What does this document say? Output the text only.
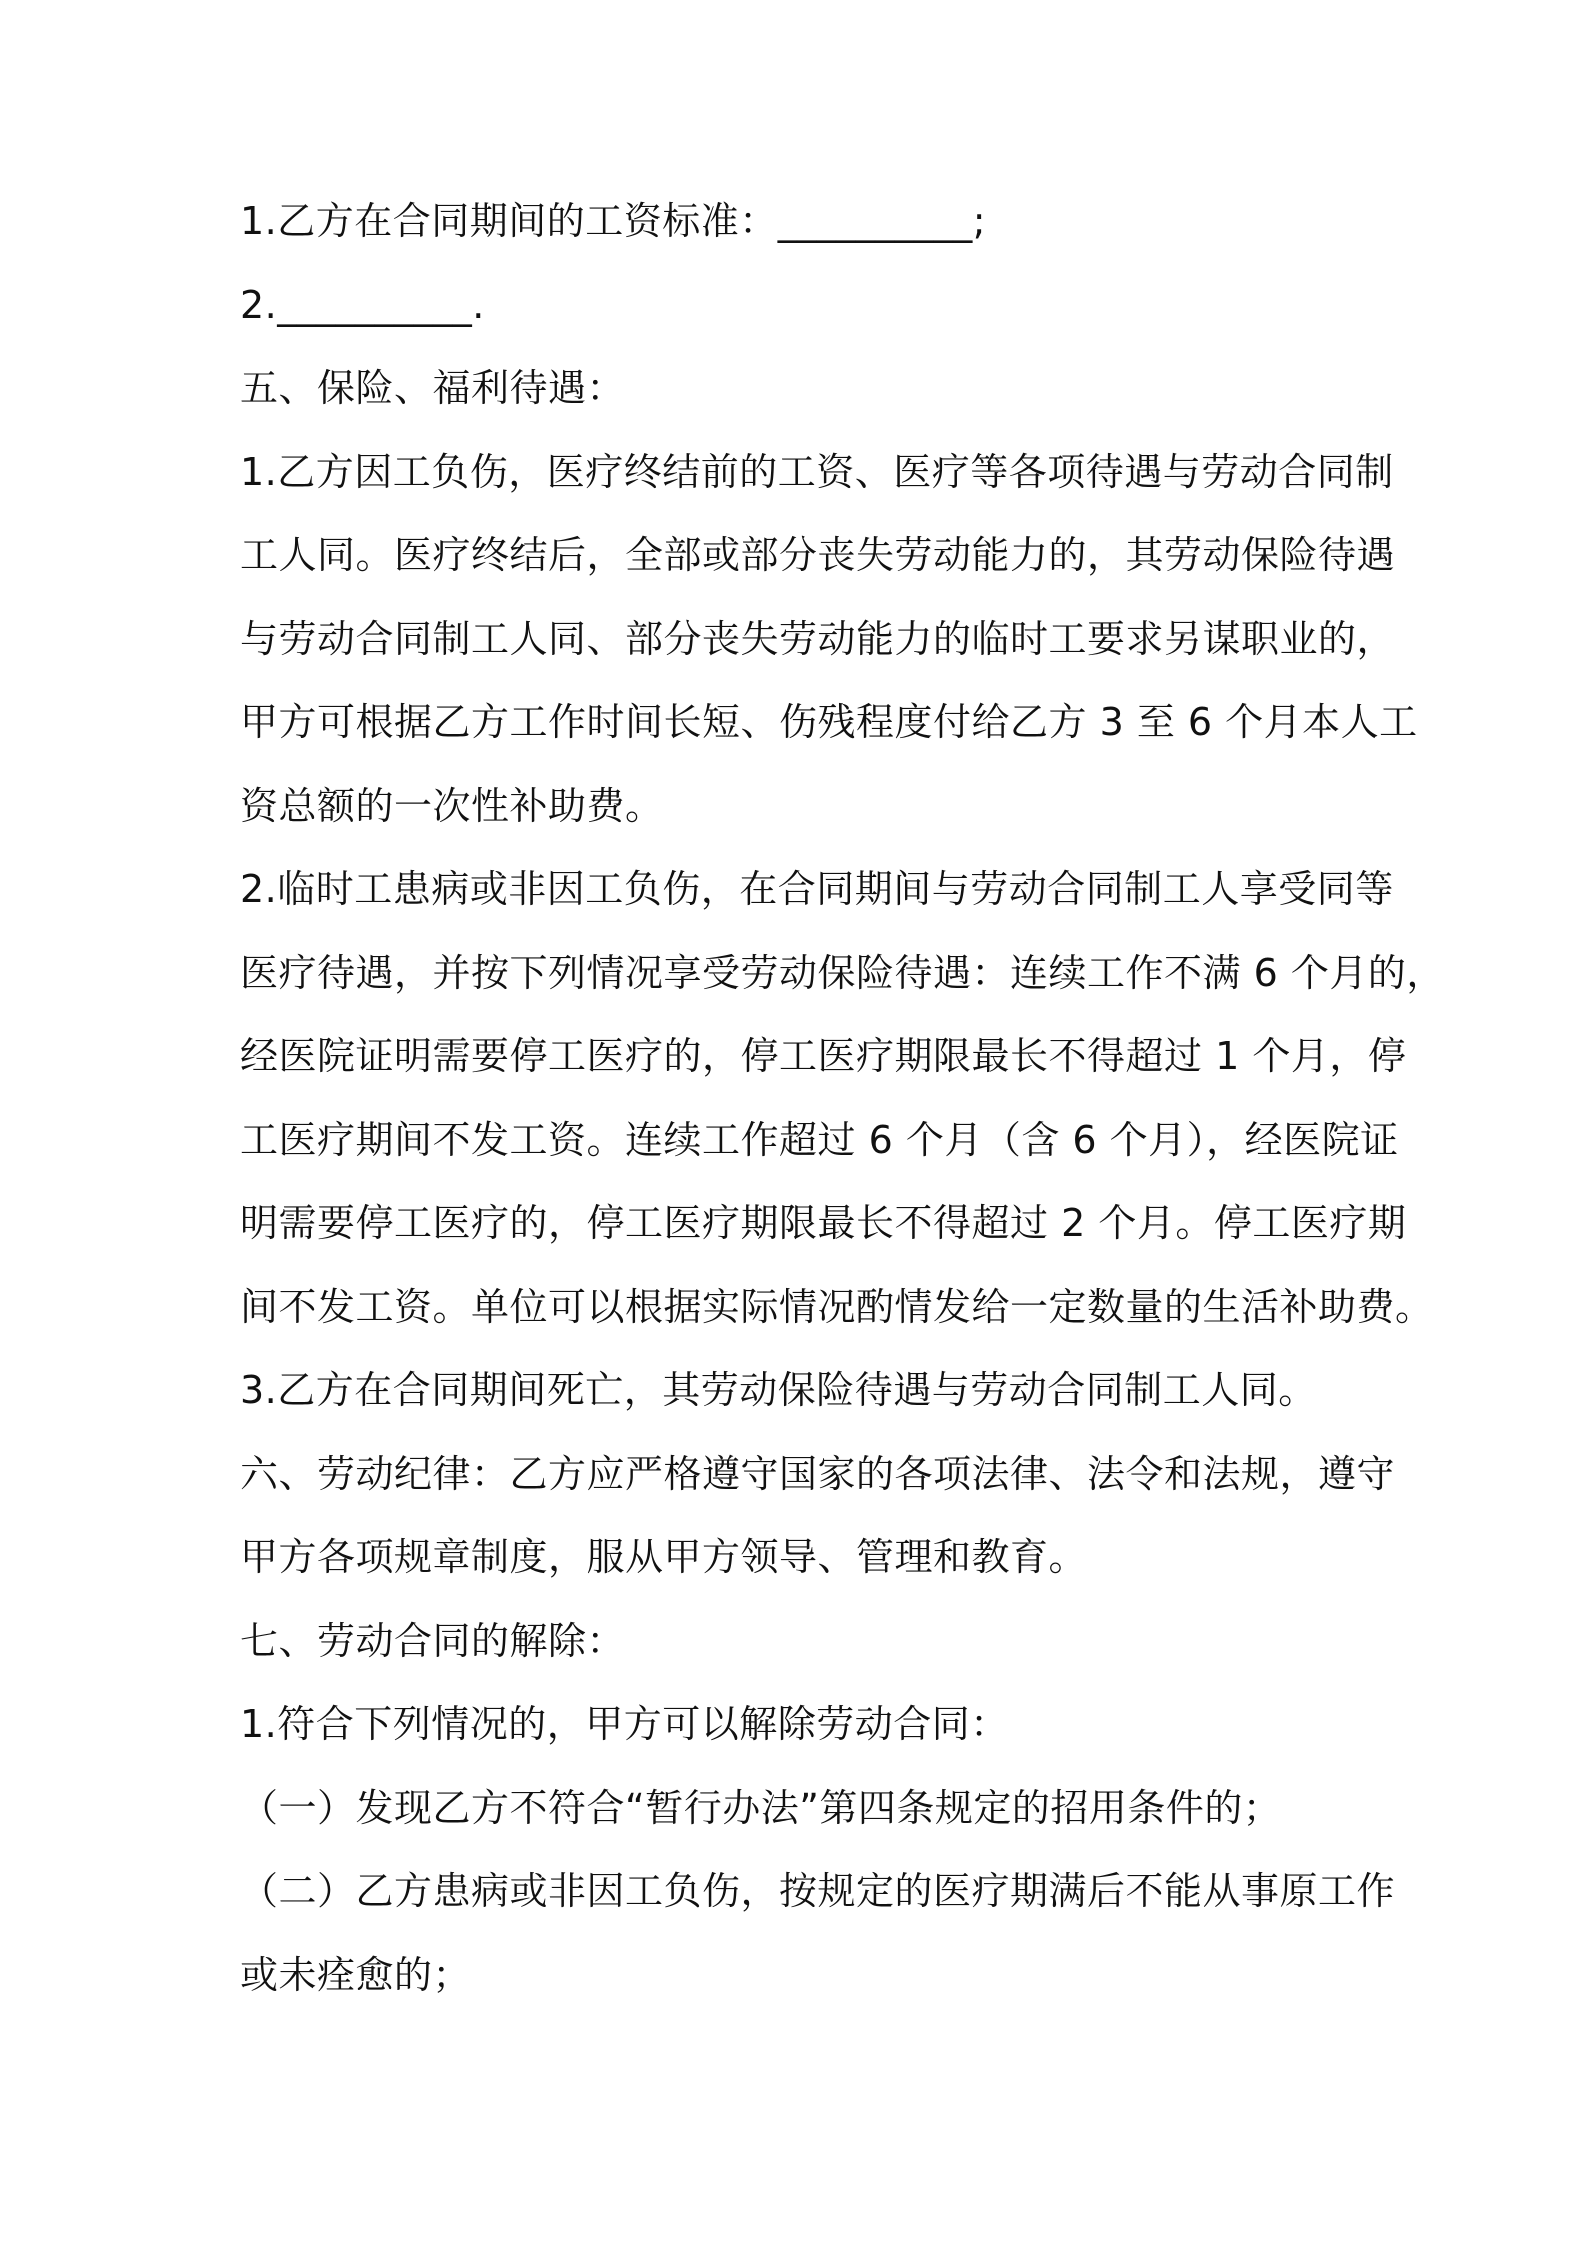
1.乙方在合同期间的工资标准：__________;
2.__________.
五、保险、福利待遇：
1.乙方因工负伤，医疗终结前的工资、医疗等各项待遇与劳动合同制
工人同。医疗终结后，全部或部分丧失劳动能力的，其劳动保险待遇
与劳动合同制工人同、部分丧失劳动能力的临时工要求另谋职业的，
甲方可根据乙方工作时间长短、伤残程度付给乙方 3 至 6 个月本人工
资总额的一次性补助费。
2.临时工患病或非因工负伤，在合同期间与劳动合同制工人享受同等
医疗待遇，并按下列情况享受劳动保险待遇：连续工作不满 6 个月的，
经医院证明需要停工医疗的，停工医疗期限最长不得超过 1 个月，停
工医疗期间不发工资。连续工作超过 6 个月（含 6 个月），经医院证
明需要停工医疗的，停工医疗期限最长不得超过 2 个月。停工医疗期
间不发工资。单位可以根据实际情况酌情发给一定数量的生活补助费。
3.乙方在合同期间死亡，其劳动保险待遇与劳动合同制工人同。
六、劳动纪律：乙方应严格遵守国家的各项法律、法令和法规，遵守
甲方各项规章制度，服从甲方领导、管理和教育。
七、劳动合同的解除：
1.符合下列情况的，甲方可以解除劳动合同：
（一）发现乙方不符合“暂行办法”第四条规定的招用条件的；
（二）乙方患病或非因工负伤，按规定的医疗期满后不能从事原工作
或未痊愈的；
